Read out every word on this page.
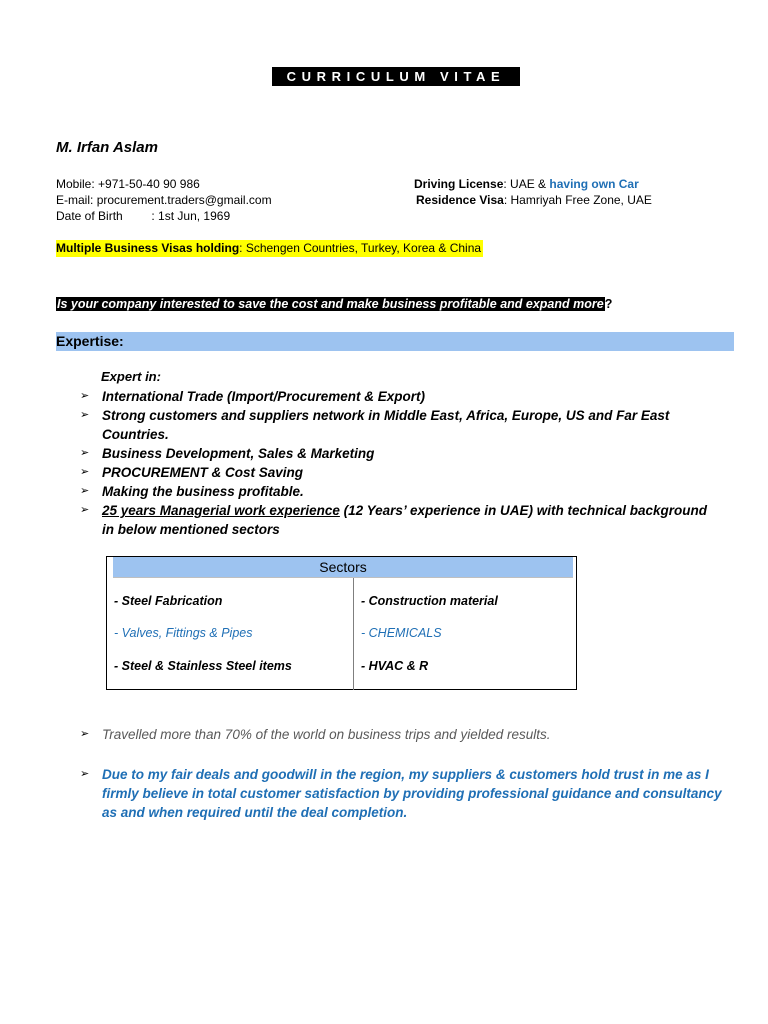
CURRICULUM VITAE
M. Irfan Aslam
Mobile: +971-50-40 90 986
E-mail: procurement.traders@gmail.com
Date of Birth : 1st Jun, 1969
Driving License: UAE & having own Car
Residence Visa: Hamriyah Free Zone, UAE
Multiple Business Visas holding: Schengen Countries, Turkey, Korea & China
Is your company interested to save the cost and make business profitable and expand more?
Expertise:
Expert in:
➢ International Trade (Import/Procurement & Export)
➢ Strong customers and suppliers network in Middle East, Africa, Europe, US and Far East Countries.
➢ Business Development, Sales & Marketing
➢ PROCUREMENT & Cost Saving
➢ Making the business profitable.
➢ 25 years Managerial work experience (12 Years’ experience in UAE) with technical background in below mentioned sectors
Sectors
- Steel Fabrication
- Valves, Fittings & Pipes
- Steel & Stainless Steel items
- Construction material
- CHEMICALS
- HVAC & R
➢ Travelled more than 70% of the world on business trips and yielded results.
➢ Due to my fair deals and goodwill in the region, my suppliers & customers hold trust in me as I firmly believe in total customer satisfaction by providing professional guidance and consultancy as and when required until the deal completion.
